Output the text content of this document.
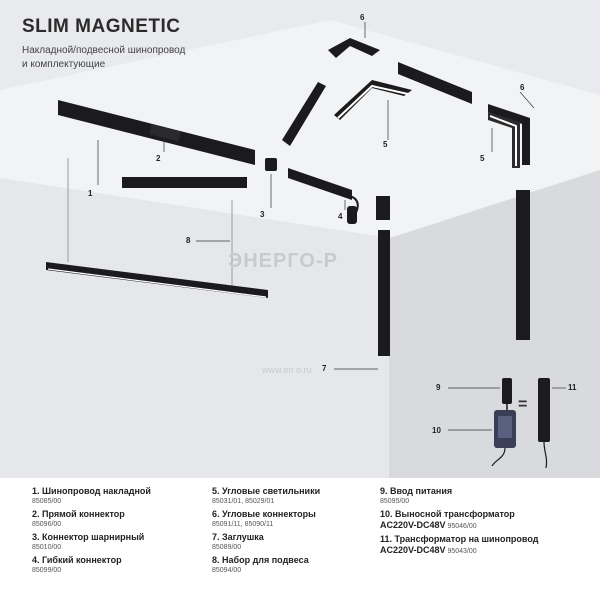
SLIM MAGNETIC
Накладной/подвесной шинопровод
и комплектующие
ЭНЕРГО-Р
www.en o.ru
1
2
3	4
5
5
6
6
7
8
9
10
11
=
1. Шинопровод накладной
85085/00
2. Прямой коннектор
85096/00
3. Коннектор шарнирный
85010/00
4. Гибкий коннектор
85099/00
5. Угловые светильники
85031/01, 85029/01
6. Угловые коннекторы
85091/11, 85090/11
7. Заглушка
85089/00
8. Набор для подвеса
85094/00
9. Ввод питания
85095/00
10. Выносной трансформатор
AC220V-DC48V 95046/00
11. Трансформатор на шинопровод
AC220V-DC48V 95043/00
